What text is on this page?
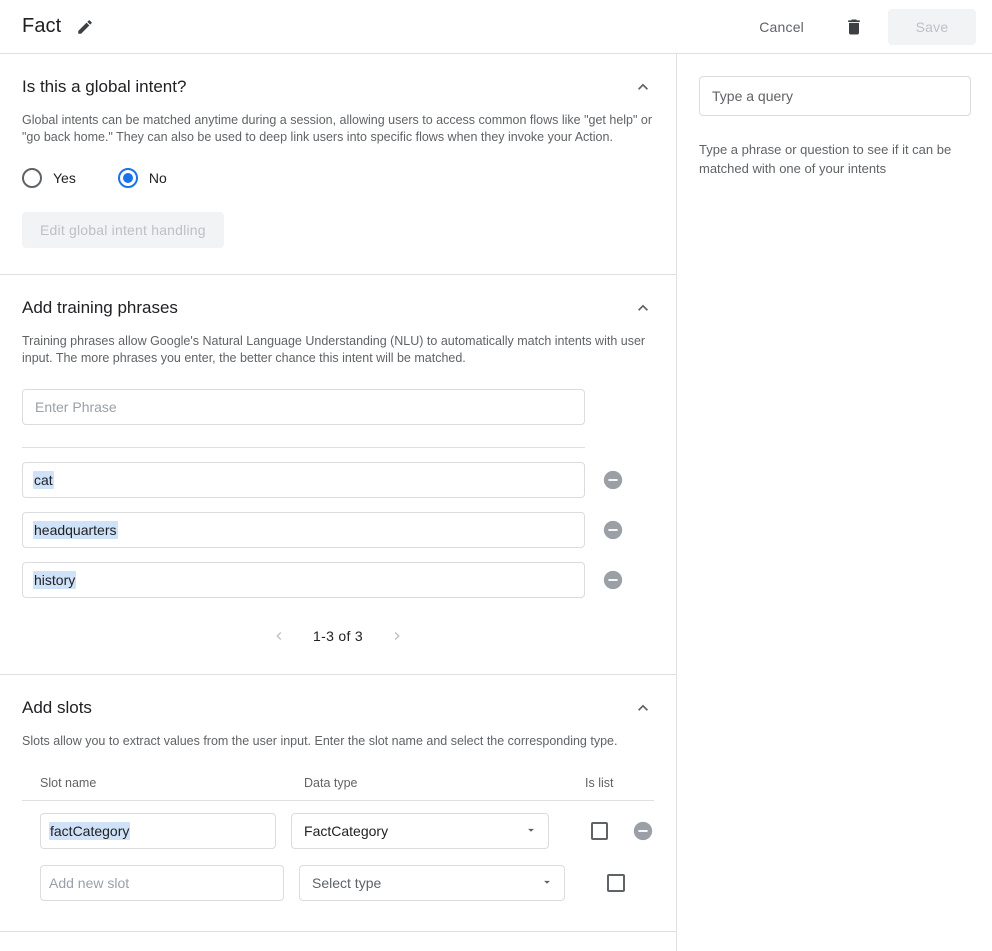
Fact	Cancel	Save
Is this a global intent?
Global intents can be matched anytime during a session, allowing users to access common flows like "get help" or "go back home." They can also be used to deep link users into specific flows when they invoke your Action.
Yes	No
Edit global intent handling
Add training phrases
Training phrases allow Google's Natural Language Understanding (NLU) to automatically match intents with user input. The more phrases you enter, the better chance this intent will be matched.
Enter Phrase
cat
headquarters
history
1-3 of 3
Add slots
Slots allow you to extract values from the user input. Enter the slot name and select the corresponding type.
Slot name	Data type	Is list
factCategory	FactCategory
Add new slot	Select type
Type a query
Type a phrase or question to see if it can be matched with one of your intents
